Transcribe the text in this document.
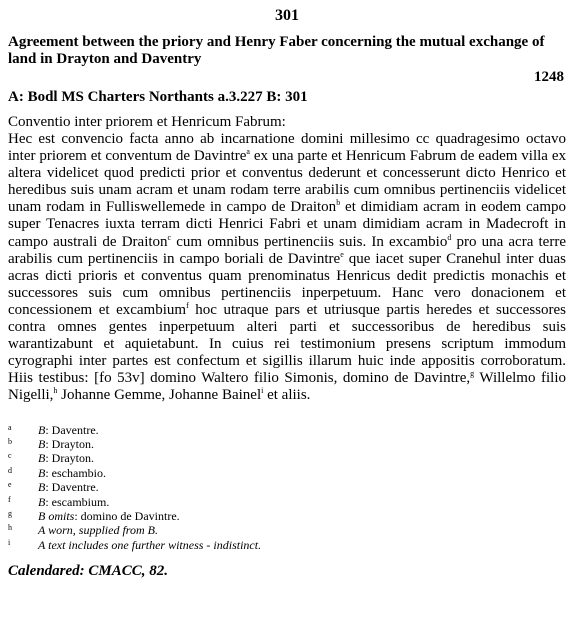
301
Agreement between the priory and Henry Faber concerning the mutual exchange of land in Drayton and Daventry
1248
A: Bodl MS Charters Northants a.3.227 B: 301
Conventio inter priorem et Henricum Fabrum:

Hec est convencio facta anno ab incarnatione domini millesimo cc quadragesimo octavo inter priorem et conventum de Davintre$^a$ ex una parte et Henricum Fabrum de eadem villa ex altera videlicet quod predicti prior et conventus dederunt et concesserunt dicto Henrico et heredibus suis unam acram et unam rodam terre arabilis cum omnibus pertinenciis videlicet unam rodam in Fulliswellemede in campo de Draiton$^b$ et dimidiam acram in eodem campo super Tenacres iuxta terram dicti Henrici Fabri et unam dimidiam acram in Madecroft in campo australi de Draiton$^c$ cum omnibus pertinenciis suis. In excambio$^d$ pro una acra terre arabilis cum pertinenciis in campo boriali de Davintre$^e$ que iacet super Cranehul inter duas acras dicti prioris et conventus quam prenominatus Henricus dedit predictis monachis et successores suis cum omnibus pertinenciis inperpetuum. Hanc vero donacionem et concessionem et excambium$^f$ hoc utraque pars et utriusque partis heredes et successores contra omnes gentes inperpetuum alteri parti et successoribus de heredibus suis warantizabunt et aquietabunt. In cuius rei testimonium presens scriptum immodum cyrographi inter partes est confectum et sigillis illarum huic inde appositis corroboratum. Hiis testibus: [fo 53v] domino Waltero filio Simonis, domino de Davintre,$^g$ Willelmo filio Nigelli,$^h$ Johanne Gemme, Johanne Bainel$^i$ et aliis.

a	B: Daventre.
b	B: Drayton.
c	B: Drayton.
d	B: eschambio.
e	B: Daventre.
f	B: escambium.
g	B omits: domino de Davintre.
h	A worn, supplied from B.
i	A text includes one further witness - indistinct.
Calendared: CMACC, 82.
